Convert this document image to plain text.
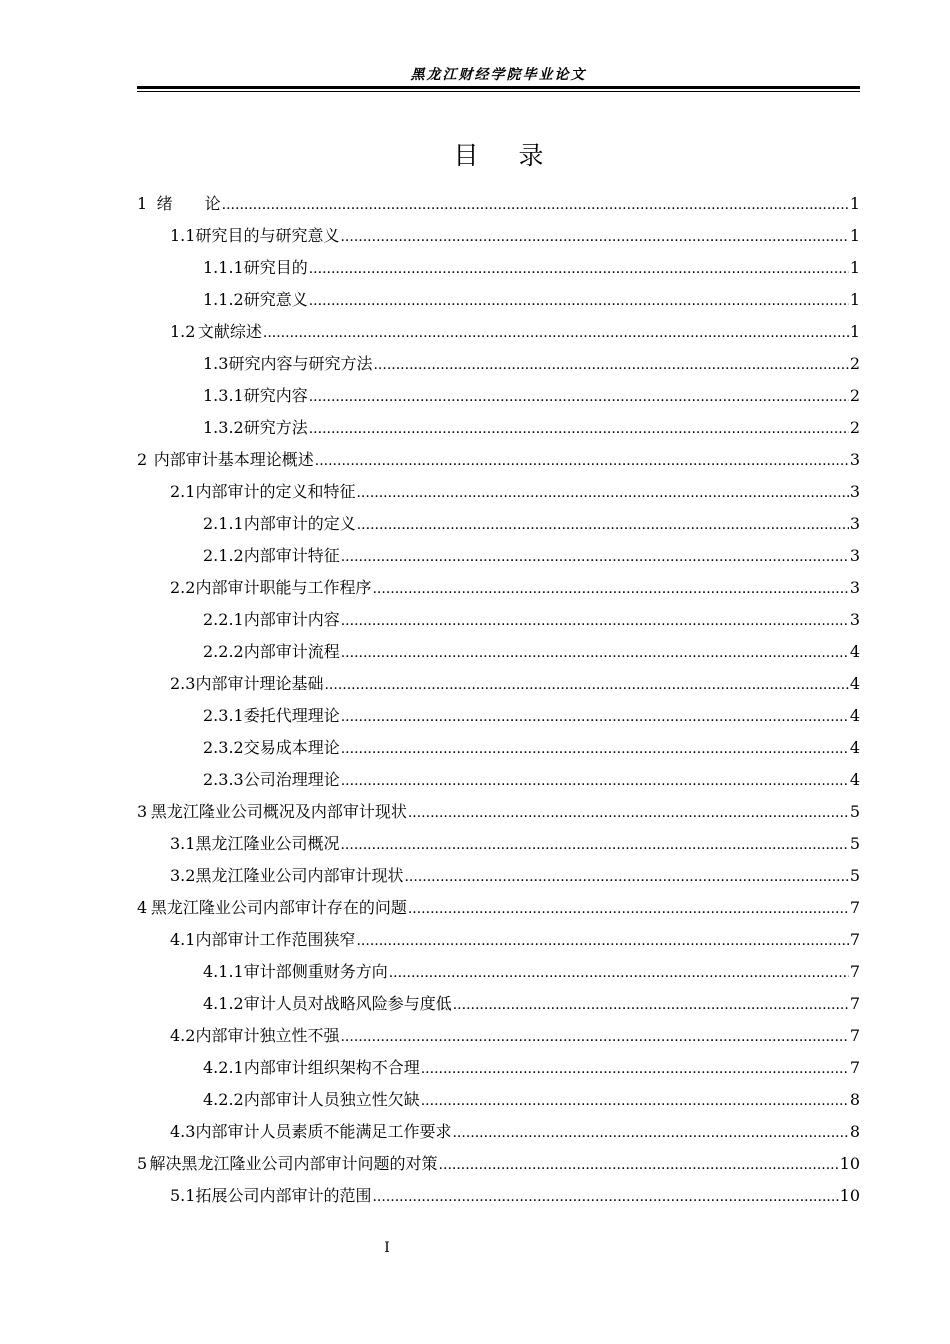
黑龙江财经学院毕业论文
目录
1 绪　　论 .....	1
1.1 研究目的与研究意义 .....	1
1.1.1 研究目的 .....	1
1.1.2 研究意义 .....	1
1.2 文献综述 .....	1
1.3 研究内容与研究方法 .....	2
1.3.1 研究内容 .....	2
1.3.2 研究方法 .....	2
2 内部审计基本理论概述 .....	3
2.1 内部审计的定义和特征 .....	3
2.1.1 内部审计的定义 .....	3
2.1.2 内部审计特征 .....	3
2.2 内部审计职能与工作程序 .....	3
2.2.1 内部审计内容 .....	3
2.2.2 内部审计流程 .....	4
2.3 内部审计理论基础 .....	4
2.3.1 委托代理理论 .....	4
2.3.2 交易成本理论 .....	4
2.3.3 公司治理理论 .....	4
3 黑龙江隆业公司概况及内部审计现状 .....	5
3.1 黑龙江隆业公司概况 .....	5
3.2 黑龙江隆业公司内部审计现状 .....	5
4 黑龙江隆业公司内部审计存在的问题 .....	7
4.1 内部审计工作范围狭窄 .....	7
4.1.1 审计部侧重财务方向 .....	7
4.1.2 审计人员对战略风险参与度低 .....	7
4.2 内部审计独立性不强 .....	7
4.2.1 内部审计组织架构不合理 .....	7
4.2.2 内部审计人员独立性欠缺 .....	8
4.3 内部审计人员素质不能满足工作要求 .....	8
5 解决黑龙江隆业公司内部审计问题的对策 .....	10
5.1 拓展公司内部审计的范围 .....	10
I
